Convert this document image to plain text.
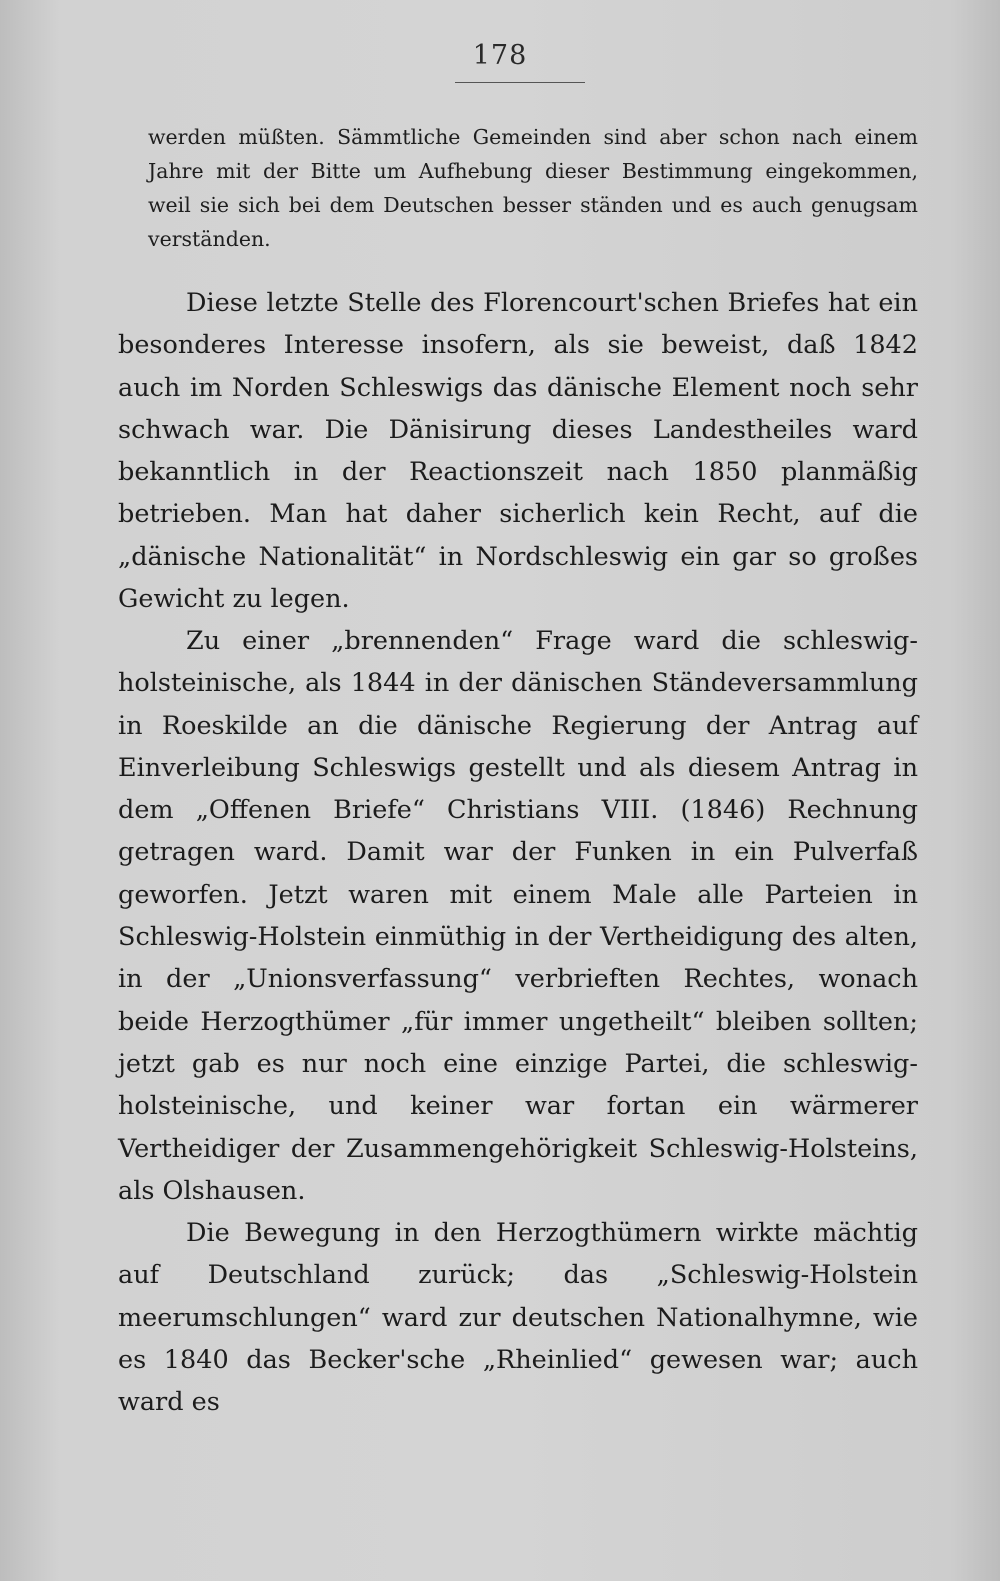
178

werden müßten. Sämmtliche Gemeinden sind aber schon nach einem Jahre mit der Bitte um Aufhebung dieser Bestimmung eingekommen, weil sie sich bei dem Deutschen besser ständen und es auch genugsam verständen.

Diese letzte Stelle des Florencourt'schen Briefes hat ein besonderes Interesse insofern, als sie beweist, daß 1842 auch im Norden Schleswigs das dänische Element noch sehr schwach war. Die Dänisirung dieses Landestheiles ward bekanntlich in der Reactionszeit nach 1850 planmäßig betrieben. Man hat daher sicherlich kein Recht, auf die „dänische Nationalität“ in Nordschleswig ein gar so großes Gewicht zu legen.

Zu einer „brennenden“ Frage ward die schleswig-holsteinische, als 1844 in der dänischen Ständeversammlung in Roeskilde an die dänische Regierung der Antrag auf Einverleibung Schleswigs gestellt und als diesem Antrag in dem „Offenen Briefe“ Christians VIII. (1846) Rechnung getragen ward. Damit war der Funken in ein Pulverfaß geworfen. Jetzt waren mit einem Male alle Parteien in Schleswig-Holstein einmüthig in der Vertheidigung des alten, in der „Unionsverfassung“ verbrieften Rechtes, wonach beide Herzogthümer „für immer ungetheilt“ bleiben sollten; jetzt gab es nur noch eine einzige Partei, die schleswig-holsteinische, und keiner war fortan ein wärmerer Vertheidiger der Zusammengehörigkeit Schleswig-Holsteins, als Olshausen.

Die Bewegung in den Herzogthümern wirkte mächtig auf Deutschland zurück; das „Schleswig-Holstein meerumschlungen“ ward zur deutschen Nationalhymne, wie es 1840 das Becker'sche „Rheinlied“ gewesen war; auch ward es
